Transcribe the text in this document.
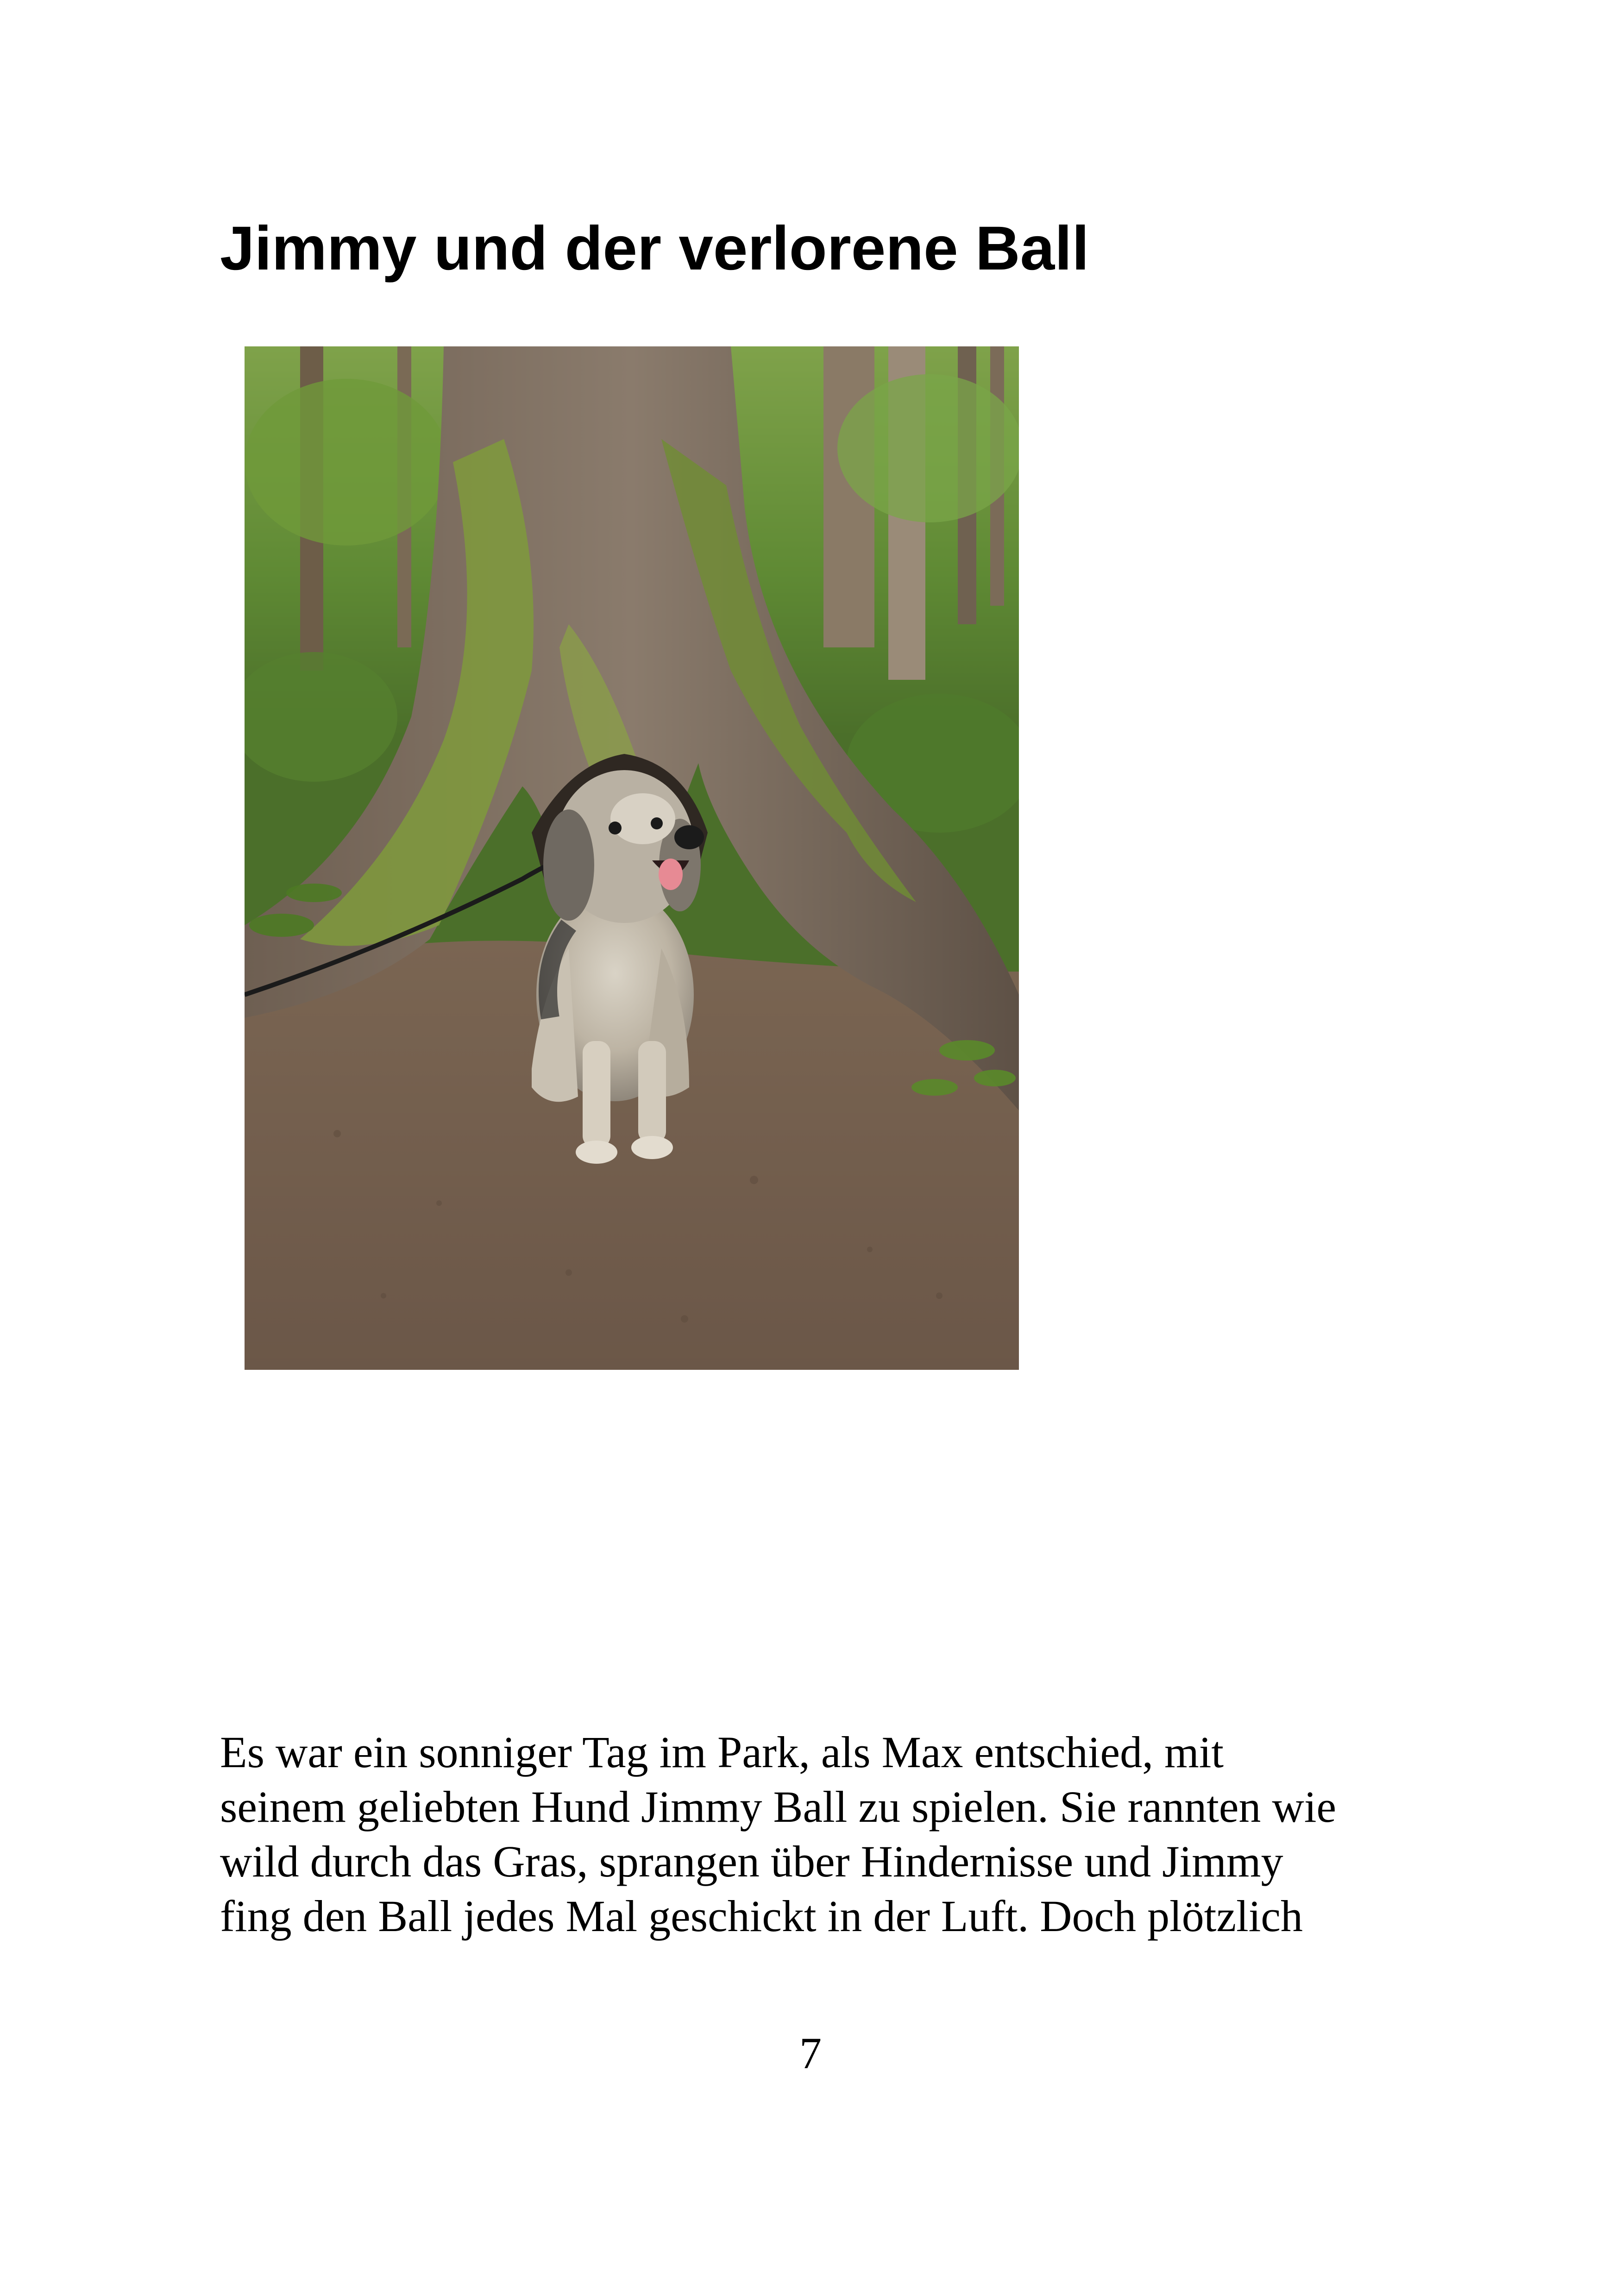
Jimmy und der verlorene Ball

Es war ein sonniger Tag im Park, als Max entschied, mit
seinem geliebten Hund Jimmy Ball zu spielen. Sie rannten wie
wild durch das Gras, sprangen über Hindernisse und Jimmy
fing den Ball jedes Mal geschickt in der Luft. Doch plötzlich

7
